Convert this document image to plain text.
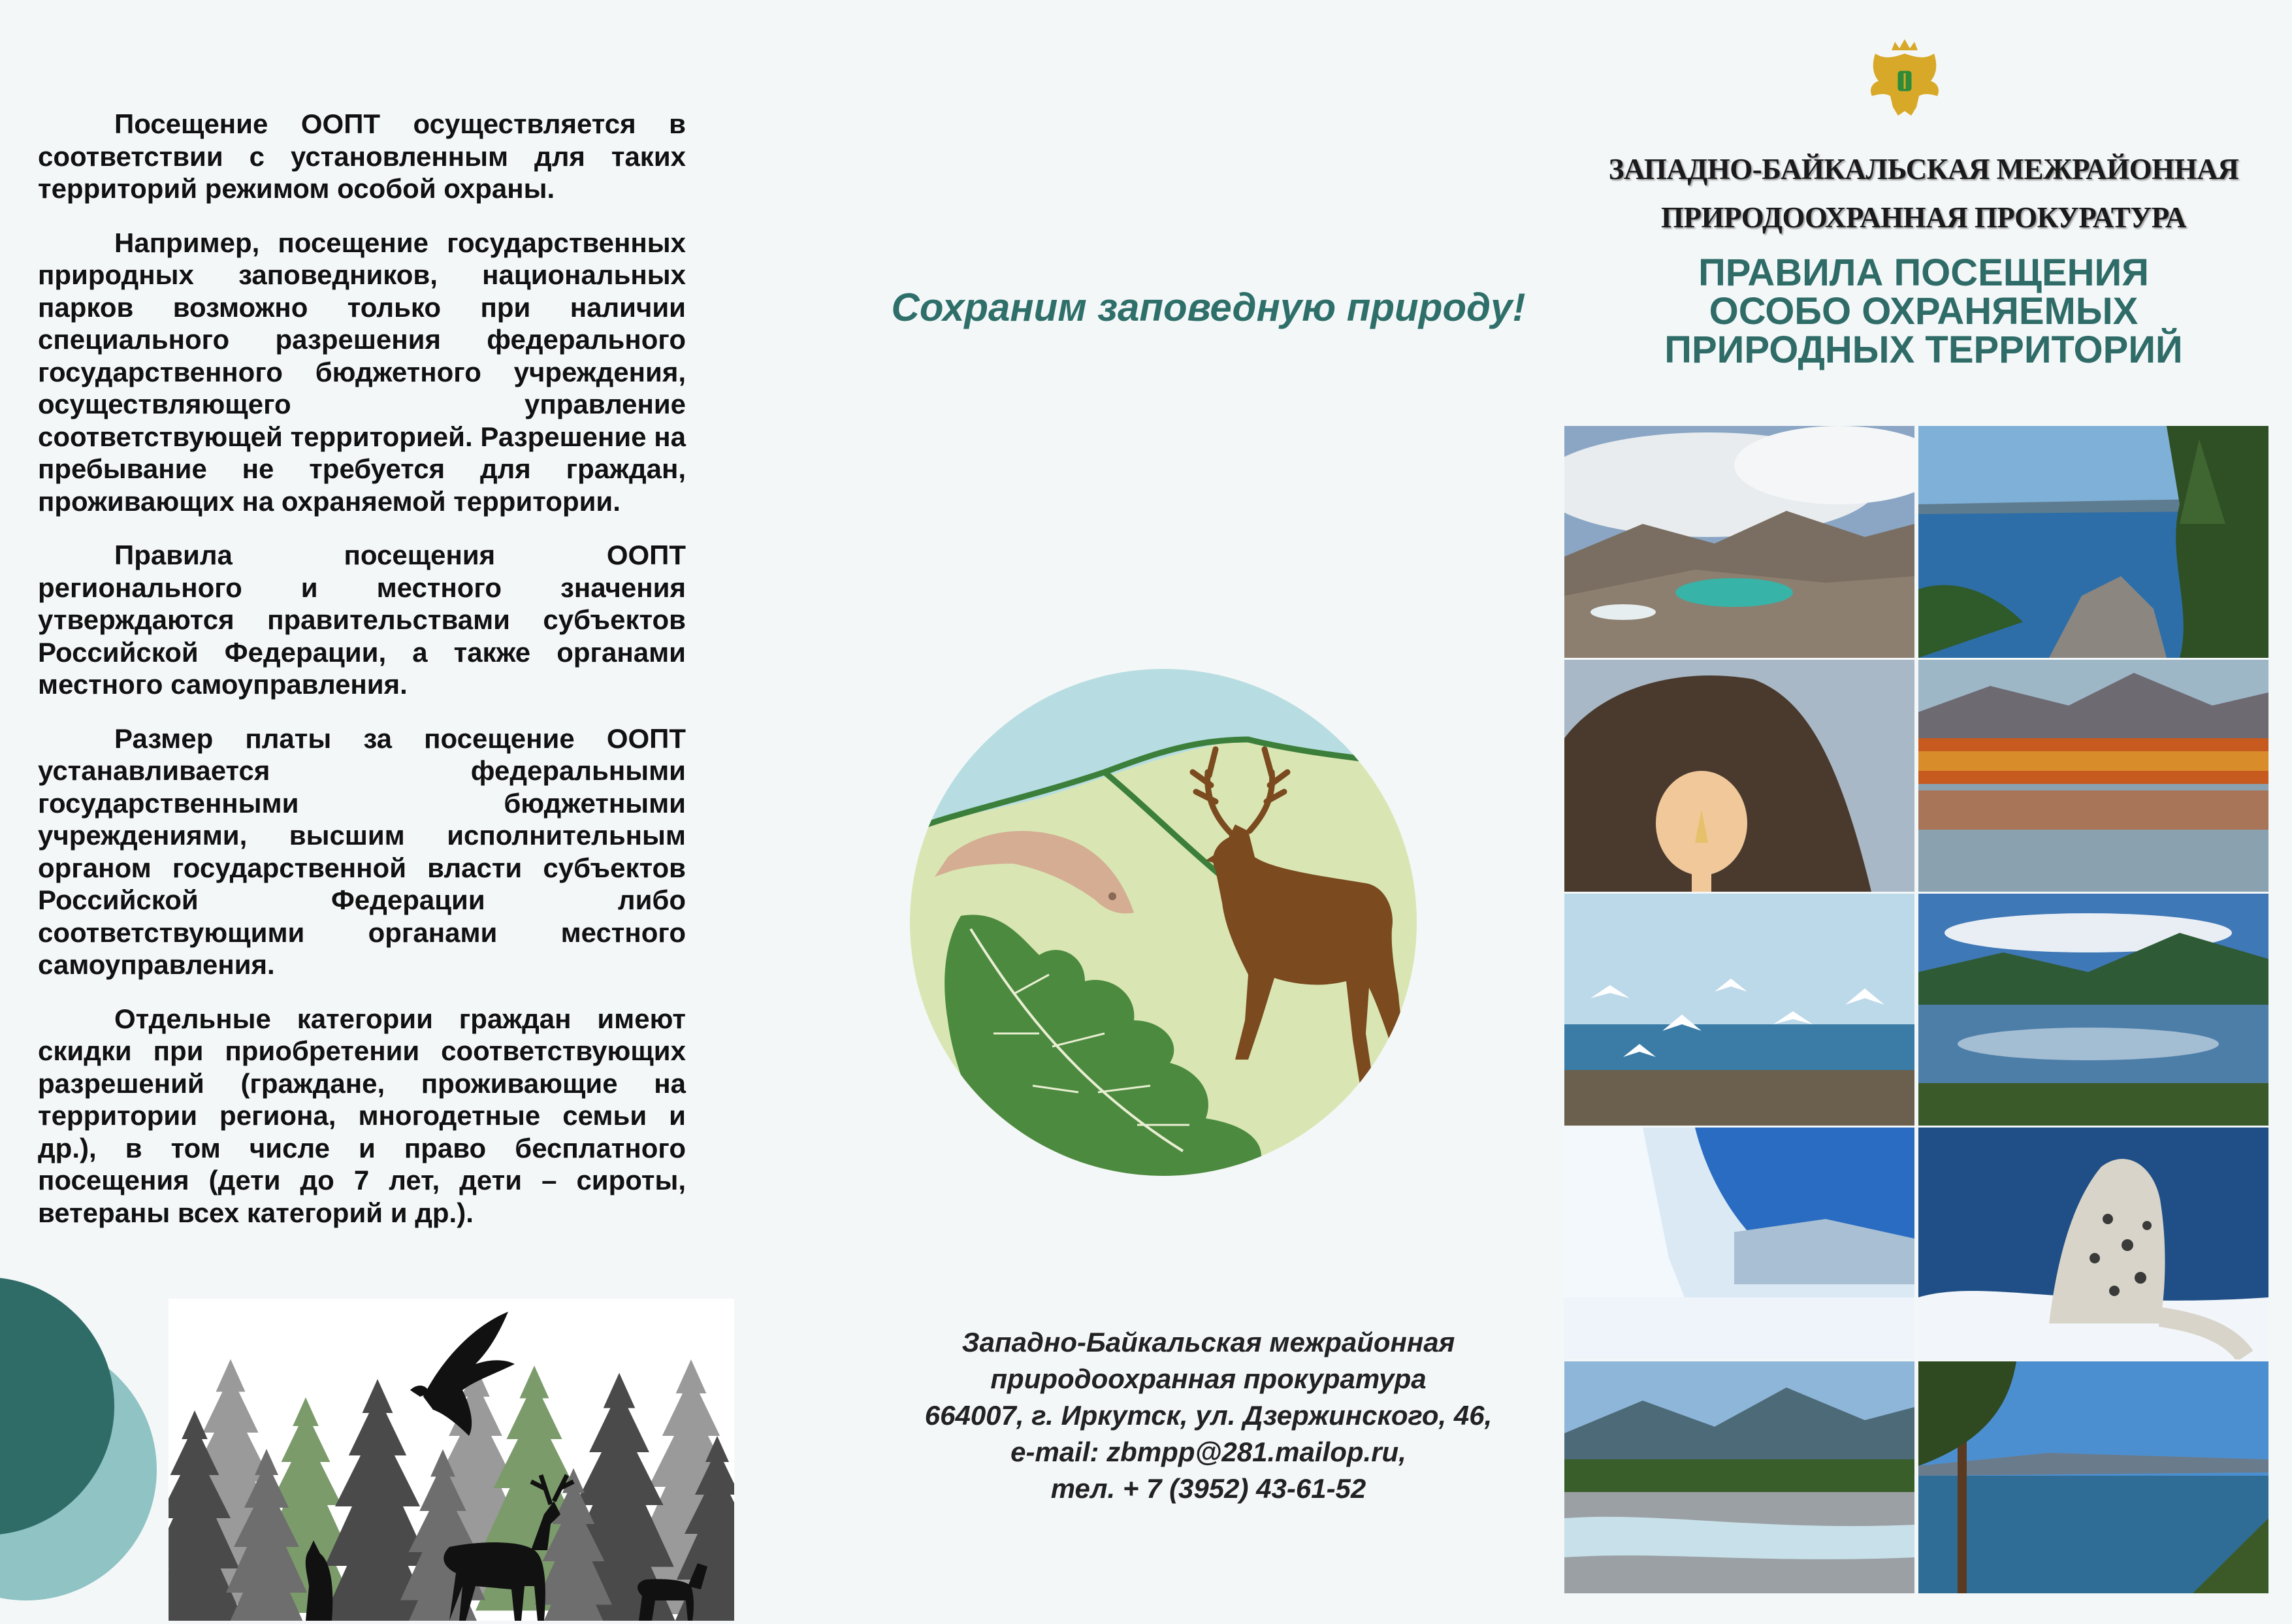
Посещение ООПТ осуществляется в соответствии с установленным для таких территорий режимом особой охраны.

Например, посещение государственных природных заповедников, национальных парков возможно только при наличии специального разрешения федерального государственного бюджетного учреждения, осуществляющего управление соответствующей территорией. Разрешение на пребывание не требуется для граждан, проживающих на охраняемой территории.

Правила посещения ООПТ регионального и местного значения утверждаются правительствами субъектов Российской Федерации, а также органами местного самоуправления.

Размер платы за посещение ООПТ устанавливается федеральными государственными бюджетными учреждениями, высшим исполнительным органом государственной власти субъектов Российской Федерации либо соответствующими органами местного самоуправления.

Отдельные категории граждан имеют скидки при приобретении соответствующих разрешений (граждане, проживающие на территории региона, многодетные семьи и др.), в том числе и право бесплатного посещения (дети до 7 лет, дети – сироты, ветераны всех категорий и др.).

Сохраним заповедную природу!
Западно-Байкальская межрайонная
природоохранная прокуратура
664007, г. Иркутск, ул. Дзержинского, 46,
e-mail: zbmpp@281.mailop.ru,
тел. + 7 (3952) 43-61-52
ЗАПАДНО-БАЙКАЛЬСКАЯ МЕЖРАЙОННАЯ
ПРИРОДООХРАННАЯ ПРОКУРАТУРА
ПРАВИЛА ПОСЕЩЕНИЯ
ОСОБО ОХРАНЯЕМЫХ
ПРИРОДНЫХ ТЕРРИТОРИЙ
